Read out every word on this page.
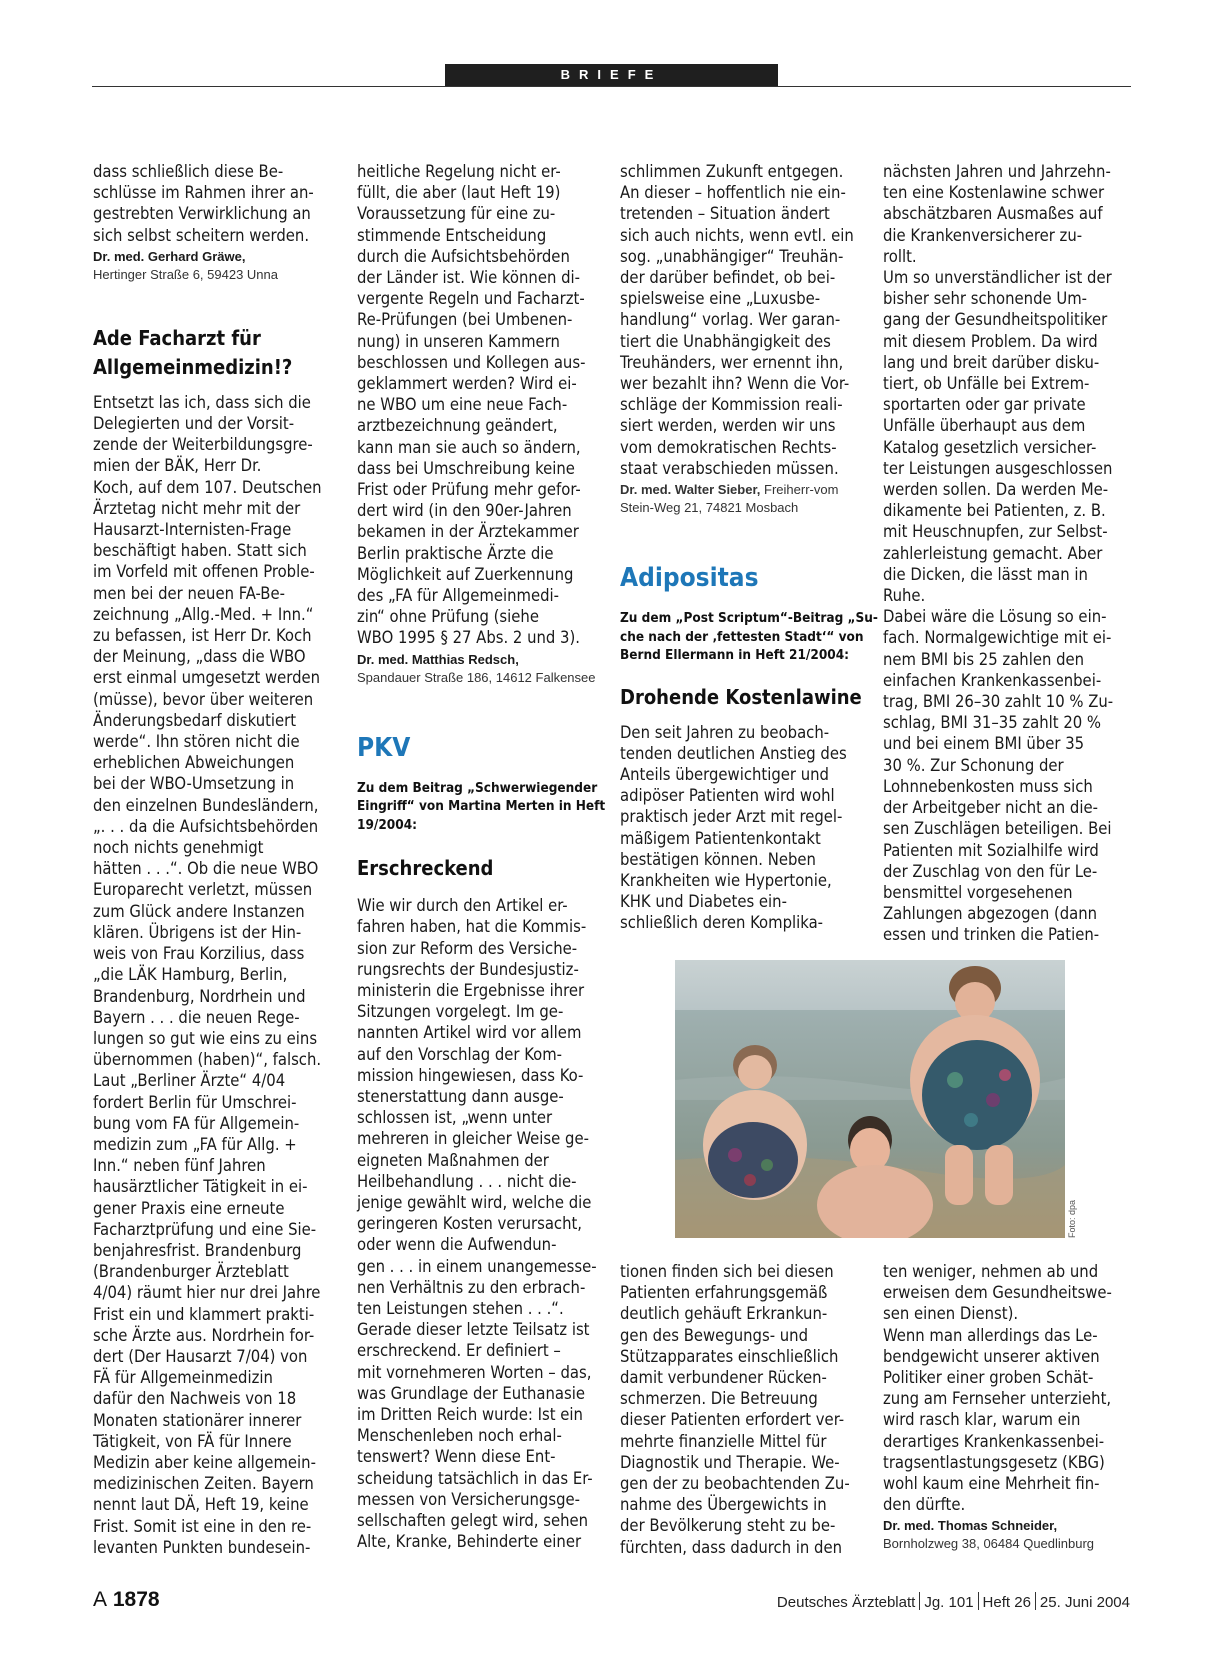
BRIEFE
dass schließlich diese Be-
schlüsse im Rahmen ihrer an-
gestrebten Verwirklichung an
sich selbst scheitern werden.
Dr. med. Gerhard Gräwe,
Hertinger Straße 6, 59423 Unna
Ade Facharzt für
Allgemeinmedizin!?
Entsetzt las ich, dass sich die
Delegierten und der Vorsit-
zende der Weiterbildungsgre-
mien der BÄK, Herr Dr.
Koch, auf dem 107. Deutschen
Ärztetag nicht mehr mit der
Hausarzt-Internisten-Frage
beschäftigt haben. Statt sich
im Vorfeld mit offenen Proble-
men bei der neuen FA-Be-
zeichnung „Allg.-Med. + Inn.“
zu befassen, ist Herr Dr. Koch
der Meinung, „dass die WBO
erst einmal umgesetzt werden
(müsse), bevor über weiteren
Änderungsbedarf diskutiert
werde“. Ihn stören nicht die
erheblichen Abweichungen
bei der WBO-Umsetzung in
den einzelnen Bundesländern,
„. . . da die Aufsichtsbehörden
noch nichts genehmigt
hätten . . .“. Ob die neue WBO
Europarecht verletzt, müssen
zum Glück andere Instanzen
klären. Übrigens ist der Hin-
weis von Frau Korzilius, dass
„die LÄK Hamburg, Berlin,
Brandenburg, Nordrhein und
Bayern . . . die neuen Rege-
lungen so gut wie eins zu eins
übernommen (haben)“, falsch.
Laut „Berliner Ärzte“ 4/04
fordert Berlin für Umschrei-
bung vom FA für Allgemein-
medizin zum „FA für Allg. +
Inn.“ neben fünf Jahren
hausärztlicher Tätigkeit in ei-
gener Praxis eine erneute
Facharztprüfung und eine Sie-
benjahresfrist. Brandenburg
(Brandenburger Ärzteblatt
4/04) räumt hier nur drei Jahre
Frist ein und klammert prakti-
sche Ärzte aus. Nordrhein for-
dert (Der Hausarzt 7/04) von
FÄ für Allgemeinmedizin
dafür den Nachweis von 18
Monaten stationärer innerer
Tätigkeit, von FÄ für Innere
Medizin aber keine allgemein-
medizinischen Zeiten. Bayern
nennt laut DÄ, Heft 19, keine
Frist. Somit ist eine in den re-
levanten Punkten bundesein-
heitliche Regelung nicht er-
füllt, die aber (laut Heft 19)
Voraussetzung für eine zu-
stimmende Entscheidung
durch die Aufsichtsbehörden
der Länder ist. Wie können di-
vergente Regeln und Facharzt-
Re-Prüfungen (bei Umbenen-
nung) in unseren Kammern
beschlossen und Kollegen aus-
geklammert werden? Wird ei-
ne WBO um eine neue Fach-
arztbezeichnung geändert,
kann man sie auch so ändern,
dass bei Umschreibung keine
Frist oder Prüfung mehr gefor-
dert wird (in den 90er-Jahren
bekamen in der Ärztekammer
Berlin praktische Ärzte die
Möglichkeit auf Zuerkennung
des „FA für Allgemeinmedi-
zin“ ohne Prüfung (siehe
WBO 1995 § 27 Abs. 2 und 3).
Dr. med. Matthias Redsch,
Spandauer Straße 186, 14612 Falkensee
PKV
Zu dem Beitrag „Schwerwiegender
Eingriff“ von Martina Merten in Heft
19/2004:
Erschreckend
Wie wir durch den Artikel er-
fahren haben, hat die Kommis-
sion zur Reform des Versiche-
rungsrechts der Bundesjustiz-
ministerin die Ergebnisse ihrer
Sitzungen vorgelegt. Im ge-
nannten Artikel wird vor allem
auf den Vorschlag der Kom-
mission hingewiesen, dass Ko-
stenerstattung dann ausge-
schlossen ist, „wenn unter
mehreren in gleicher Weise ge-
eigneten Maßnahmen der
Heilbehandlung . . . nicht die-
jenige gewählt wird, welche die
geringeren Kosten verursacht,
oder wenn die Aufwendun-
gen . . . in einem unangemesse-
nen Verhältnis zu den erbrach-
ten Leistungen stehen . . .“.
Gerade dieser letzte Teilsatz ist
erschreckend. Er definiert –
mit vornehmeren Worten – das,
was Grundlage der Euthanasie
im Dritten Reich wurde: Ist ein
Menschenleben noch erhal-
tenswert? Wenn diese Ent-
scheidung tatsächlich in das Er-
messen von Versicherungsge-
sellschaften gelegt wird, sehen
Alte, Kranke, Behinderte einer
schlimmen Zukunft entgegen.
An dieser – hoffentlich nie ein-
tretenden – Situation ändert
sich auch nichts, wenn evtl. ein
sog. „unabhängiger“ Treuhän-
der darüber befindet, ob bei-
spielsweise eine „Luxusbe-
handlung“ vorlag. Wer garan-
tiert die Unabhängigkeit des
Treuhänders, wer ernennt ihn,
wer bezahlt ihn? Wenn die Vor-
schläge der Kommission reali-
siert werden, werden wir uns
vom demokratischen Rechts-
staat verabschieden müssen.
Dr. med. Walter Sieber, Freiherr-vom
Stein-Weg 21, 74821 Mosbach
Adipositas
Zu dem „Post Scriptum“-Beitrag „Su-
che nach der ‚fettesten Stadt‘“ von
Bernd Ellermann in Heft 21/2004:
Drohende Kostenlawine
Den seit Jahren zu beobach-
tenden deutlichen Anstieg des
Anteils übergewichtiger und
adipöser Patienten wird wohl
praktisch jeder Arzt mit regel-
mäßigem Patientenkontakt
bestätigen können. Neben
Krankheiten wie Hypertonie,
KHK und Diabetes ein-
schließlich deren Komplika-
nächsten Jahren und Jahrzehn-
ten eine Kostenlawine schwer
abschätzbaren Ausmaßes auf
die Krankenversicherer zu-
rollt.
Um so unverständlicher ist der
bisher sehr schonende Um-
gang der Gesundheitspolitiker
mit diesem Problem. Da wird
lang und breit darüber disku-
tiert, ob Unfälle bei Extrem-
sportarten oder gar private
Unfälle überhaupt aus dem
Katalog gesetzlich versicher-
ter Leistungen ausgeschlossen
werden sollen. Da werden Me-
dikamente bei Patienten, z. B.
mit Heuschnupfen, zur Selbst-
zahlerleistung gemacht. Aber
die Dicken, die lässt man in
Ruhe.
Dabei wäre die Lösung so ein-
fach. Normalgewichtige mit ei-
nem BMI bis 25 zahlen den
einfachen Krankenkassenbei-
trag, BMI 26–30 zahlt 10 % Zu-
schlag, BMI 31–35 zahlt 20 %
und bei einem BMI über 35
30 %. Zur Schonung der
Lohnnebenkosten muss sich
der Arbeitgeber nicht an die-
sen Zuschlägen beteiligen. Bei
Patienten mit Sozialhilfe wird
der Zuschlag von den für Le-
bensmittel vorgesehenen
Zahlungen abgezogen (dann
essen und trinken die Patien-
Foto: dpa
tionen finden sich bei diesen
Patienten erfahrungsgemäß
deutlich gehäuft Erkrankun-
gen des Bewegungs- und
Stützapparates einschließlich
damit verbundener Rücken-
schmerzen. Die Betreuung
dieser Patienten erfordert ver-
mehrte finanzielle Mittel für
Diagnostik und Therapie. We-
gen der zu beobachtenden Zu-
nahme des Übergewichts in
der Bevölkerung steht zu be-
fürchten, dass dadurch in den
ten weniger, nehmen ab und
erweisen dem Gesundheitswe-
sen einen Dienst).
Wenn man allerdings das Le-
bendgewicht unserer aktiven
Politiker einer groben Schät-
zung am Fernseher unterzieht,
wird rasch klar, warum ein
derartiges Krankenkassenbei-
tragsentlastungsgesetz (KBG)
wohl kaum eine Mehrheit fin-
den dürfte.
Dr. med. Thomas Schneider,
Bornholzweg 38, 06484 Quedlinburg
A 1878	Deutsches Ärzteblatt Jg. 101 Heft 26 25. Juni 2004
